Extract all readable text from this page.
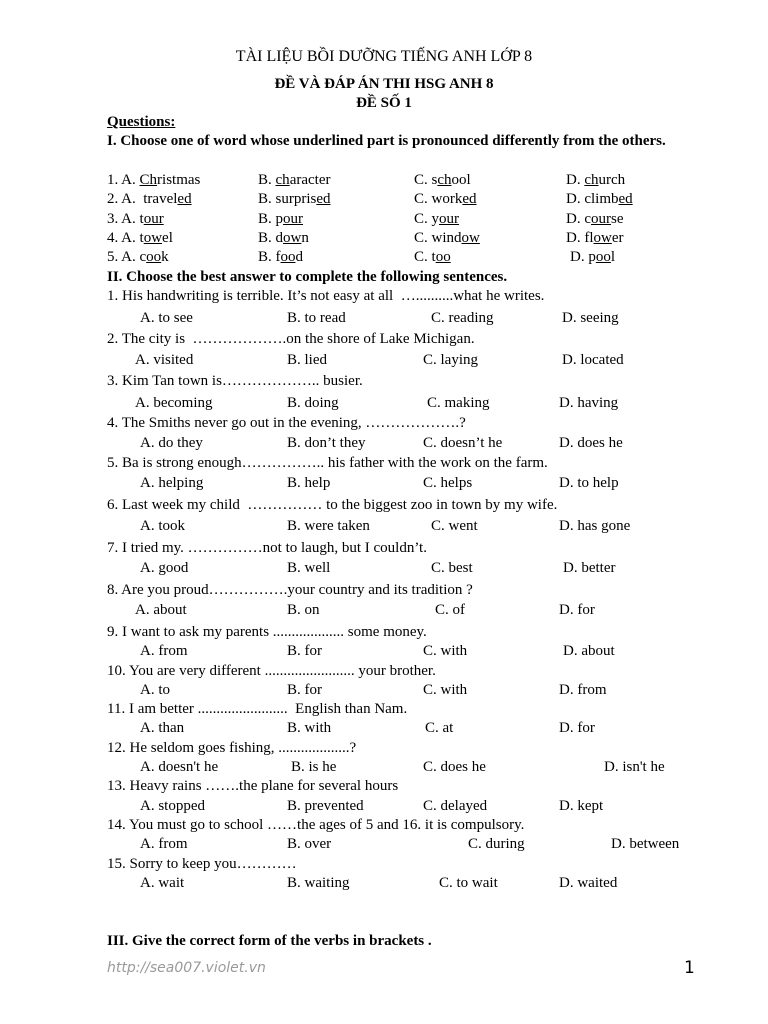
TÀI LIỆU BỒI DƯỠNG TIẾNG ANH LỚP 8
ĐỀ VÀ ĐÁP ÁN THI HSG ANH 8
ĐỀ SỐ 1
Questions:
I. Choose one of word whose underlined part is pronounced differently from the others.
1. A. Christmas	B. character	C. school	D. church
2. A.  traveled	B. surprised	C. worked	D. climbed
3. A. tour	B. pour	C. your	D. course
4. A. towel	B. down	C. window	D. flower
5. A. cook	B. food	C. too	D. pool
II. Choose the best answer to complete the following sentences.
1. His handwriting is terrible. It’s not easy at all  …..........what he writes.
A. to see	B. to read	C. reading	D. seeing
2. The city is  ……………….on the shore of Lake Michigan.
A. visited	B. lied	C. laying	D. located
3. Kim Tan town is……………….. busier.
A. becoming	B. doing	C. making	D. having
4. The Smiths never go out in the evening, ……………….?
A. do they	B. don’t they	C. doesn’t he	D. does he
5. Ba is strong enough…………….. his father with the work on the farm.
A. helping	B. help	C. helps	D. to help
6. Last week my child  …………… to the biggest zoo in town by my wife.
A. took	B. were taken	C. went	D. has gone
7. I tried my. ……………not to laugh, but I couldn’t.
A. good	B. well	C. best	D. better
8. Are you proud…………….your country and its tradition ?
A. about	B. on	C. of	D. for
9. I want to ask my parents ................... some money.
A. from	B. for	C. with	D. about
10. You are very different ........................ your brother.
A. to	B. for	C. with	D. from
11. I am better ........................  English than Nam.
A. than	B. with	C. at	D. for
12. He seldom goes fishing, ...................?
A. doesn't he	B. is he	C. does he	D. isn't he
13. Heavy rains …….the plane for several hours
A. stopped	B. prevented	C. delayed	D. kept
14. You must go to school ……the ages of 5 and 16. it is compulsory.
A. from	B. over	C. during	D. between
15. Sorry to keep you…………
A. wait	B. waiting	C. to wait	D. waited
III. Give the correct form of the verbs in brackets .
http://sea007.violet.vn	1
